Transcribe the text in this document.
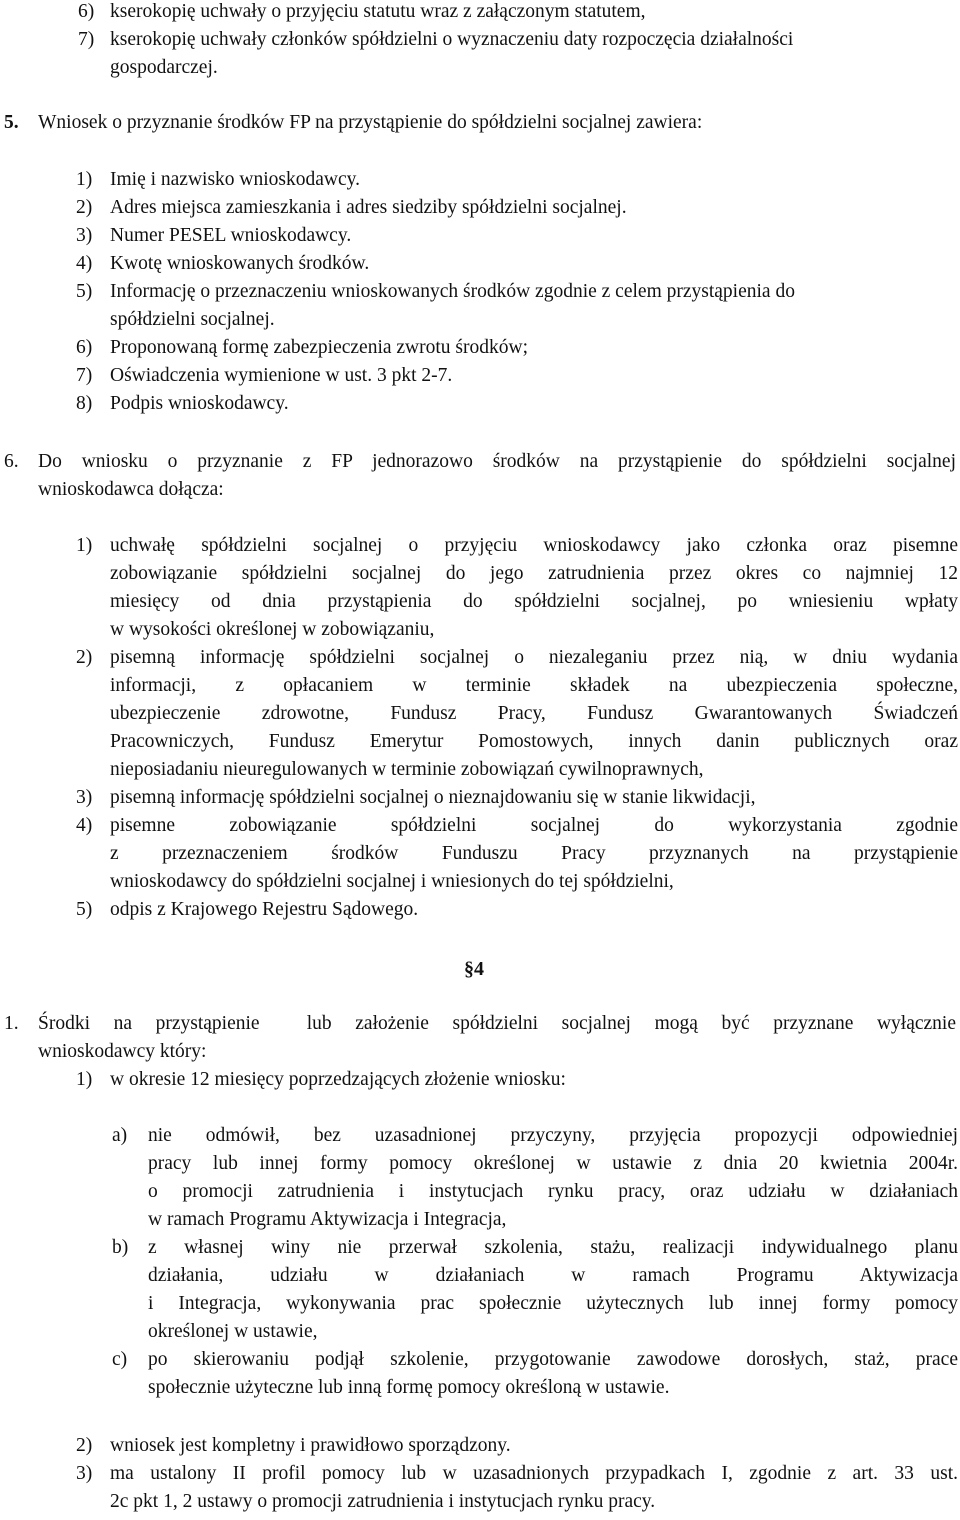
6) kserokopię uchwały o przyjęciu statutu wraz z załączonym statutem,
7) kserokopię uchwały członków spółdzielni o wyznaczeniu daty rozpoczęcia działalności
gospodarczej.
5. Wniosek o przyznanie środków FP na przystąpienie do spółdzielni socjalnej zawiera:
1) Imię i nazwisko wnioskodawcy.
2) Adres miejsca zamieszkania i adres siedziby spółdzielni socjalnej.
3) Numer PESEL wnioskodawcy.
4) Kwotę wnioskowanych środków.
5) Informację o przeznaczeniu wnioskowanych środków zgodnie z celem przystąpienia do
spółdzielni socjalnej.
6) Proponowaną formę zabezpieczenia zwrotu środków;
7) Oświadczenia wymienione w ust. 3 pkt 2-7.
8) Podpis wnioskodawcy.
6. Do wniosku o przyznanie z FP jednorazowo środków na przystąpienie do spółdzielni socjalnej
wnioskodawca dołącza:
1) uchwałę spółdzielni socjalnej o przyjęciu wnioskodawcy jako członka oraz pisemne
zobowiązanie spółdzielni socjalnej do jego zatrudnienia przez okres co najmniej 12
miesięcy od dnia przystąpienia do spółdzielni socjalnej, po wniesieniu wpłaty
w wysokości określonej w zobowiązaniu,
2) pisemną informację spółdzielni socjalnej o niezaleganiu przez nią, w dniu wydania
informacji, z opłacaniem w terminie składek na ubezpieczenia społeczne,
ubezpieczenie zdrowotne, Fundusz Pracy, Fundusz Gwarantowanych Świadczeń
Pracowniczych, Fundusz Emerytur Pomostowych, innych danin publicznych oraz
nieposiadaniu nieuregulowanych w terminie zobowiązań cywilnoprawnych,
3) pisemną informację spółdzielni socjalnej o nieznajdowaniu się w stanie likwidacji,
4) pisemne zobowiązanie spółdzielni socjalnej do wykorzystania zgodnie
z przeznaczeniem środków Funduszu Pracy przyznanych na przystąpienie
wnioskodawcy do spółdzielni socjalnej i wniesionych do tej spółdzielni,
5) odpis z Krajowego Rejestru Sądowego.
§4
1. Środki na przystąpienie  lub założenie spółdzielni socjalnej mogą być przyznane wyłącznie
wnioskodawcy który:
1) w okresie 12 miesięcy poprzedzających złożenie wniosku:
a) nie odmówił, bez uzasadnionej przyczyny, przyjęcia propozycji odpowiedniej
pracy lub innej formy pomocy określonej w ustawie z dnia 20 kwietnia 2004r.
o promocji zatrudnienia i instytucjach rynku pracy, oraz udziału w działaniach
w ramach Programu Aktywizacja i Integracja,
b) z własnej winy nie przerwał szkolenia, stażu, realizacji indywidualnego planu
działania, udziału w działaniach w ramach Programu Aktywizacja
i Integracja, wykonywania prac społecznie użytecznych lub innej formy pomocy
określonej w ustawie,
c) po skierowaniu podjął szkolenie, przygotowanie zawodowe dorosłych, staż, prace
społecznie użyteczne lub inną formę pomocy określoną w ustawie.
2) wniosek jest kompletny i prawidłowo sporządzony.
3) ma ustalony II profil pomocy lub w uzasadnionych przypadkach I, zgodnie z art. 33 ust.
2c pkt 1, 2 ustawy o promocji zatrudnienia i instytucjach rynku pracy.
